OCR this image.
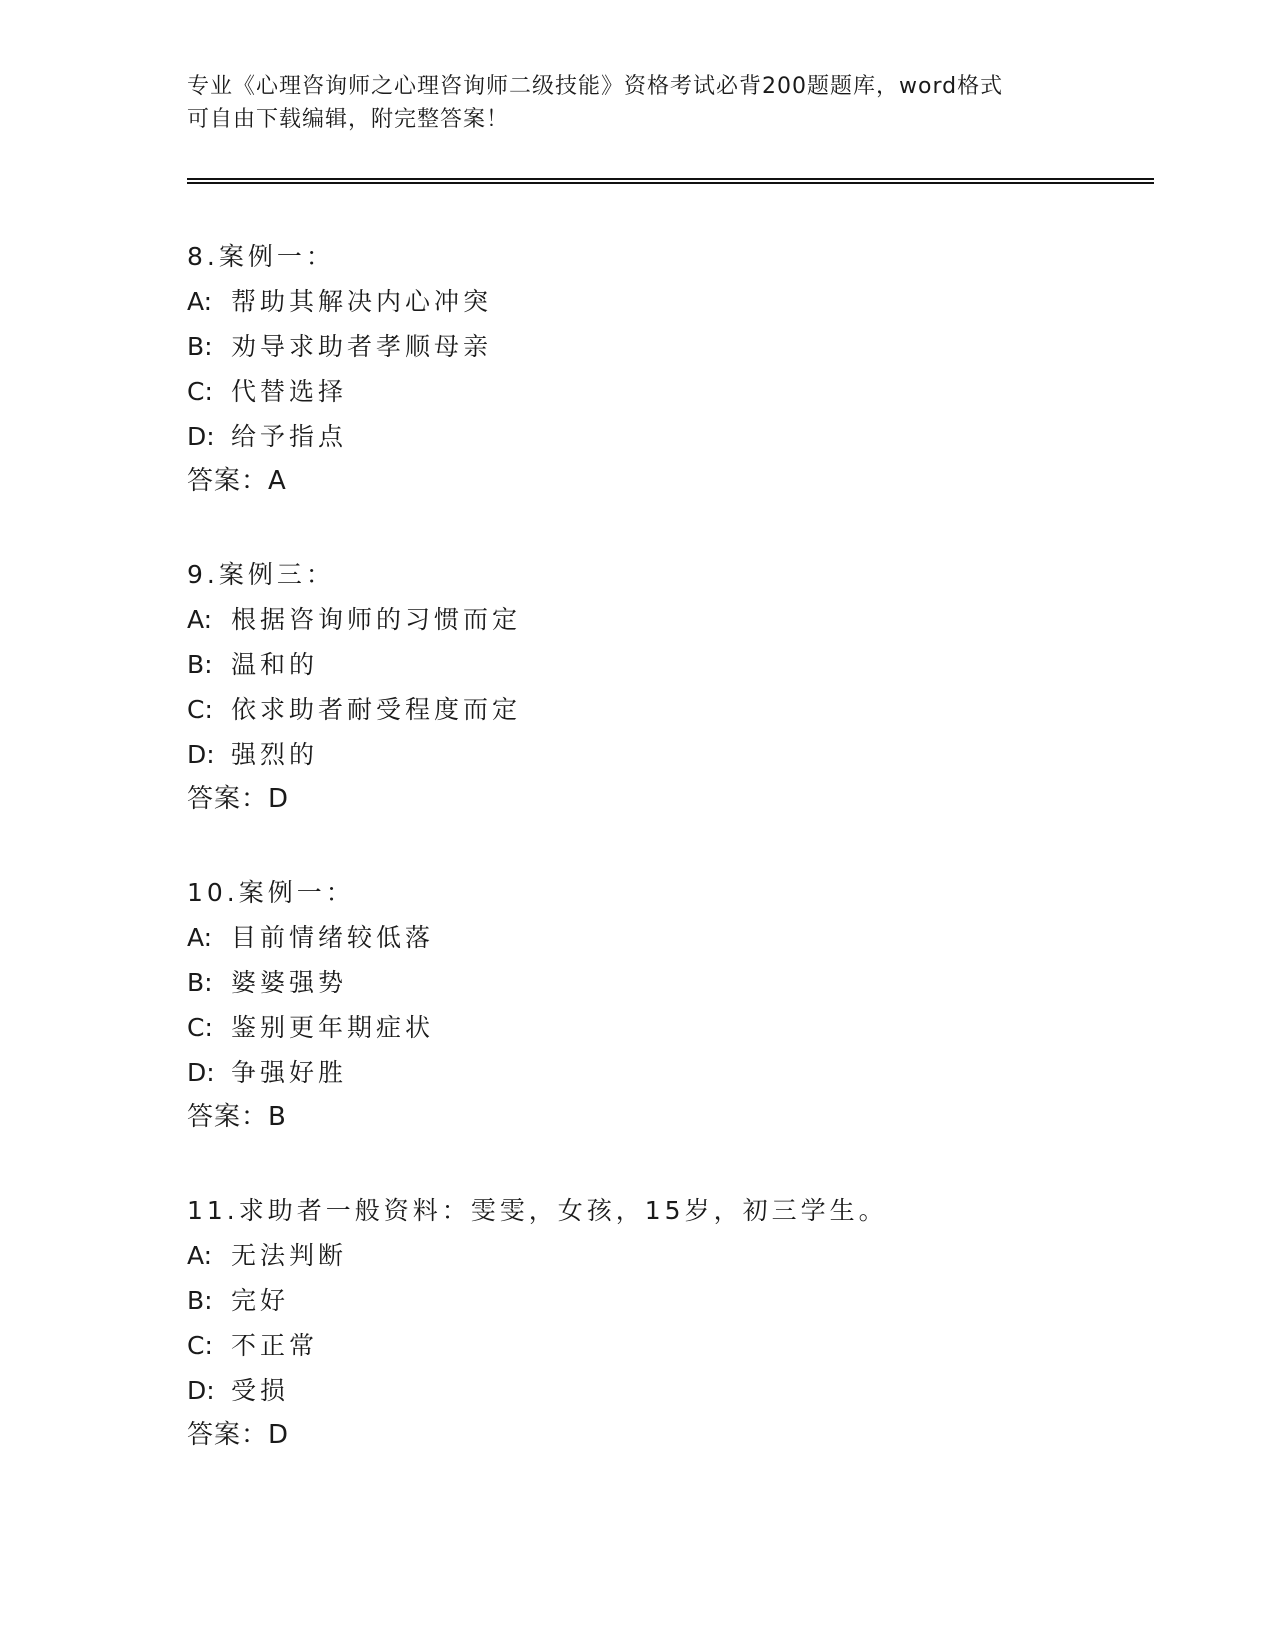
专业《心理咨询师之心理咨询师二级技能》资格考试必背200题题库，word格式
可自由下载编辑，附完整答案！
8.案例一：
A: 帮助其解决内心冲突
B: 劝导求助者孝顺母亲
C: 代替选择
D: 给予指点
答案：A
9.案例三：
A: 根据咨询师的习惯而定
B: 温和的
C: 依求助者耐受程度而定
D: 强烈的
答案：D
10.案例一：
A: 目前情绪较低落
B: 婆婆强势
C: 鉴别更年期症状
D: 争强好胜
答案：B
11.求助者一般资料：雯雯，女孩，15岁，初三学生。
A: 无法判断
B: 完好
C: 不正常
D: 受损
答案：D
